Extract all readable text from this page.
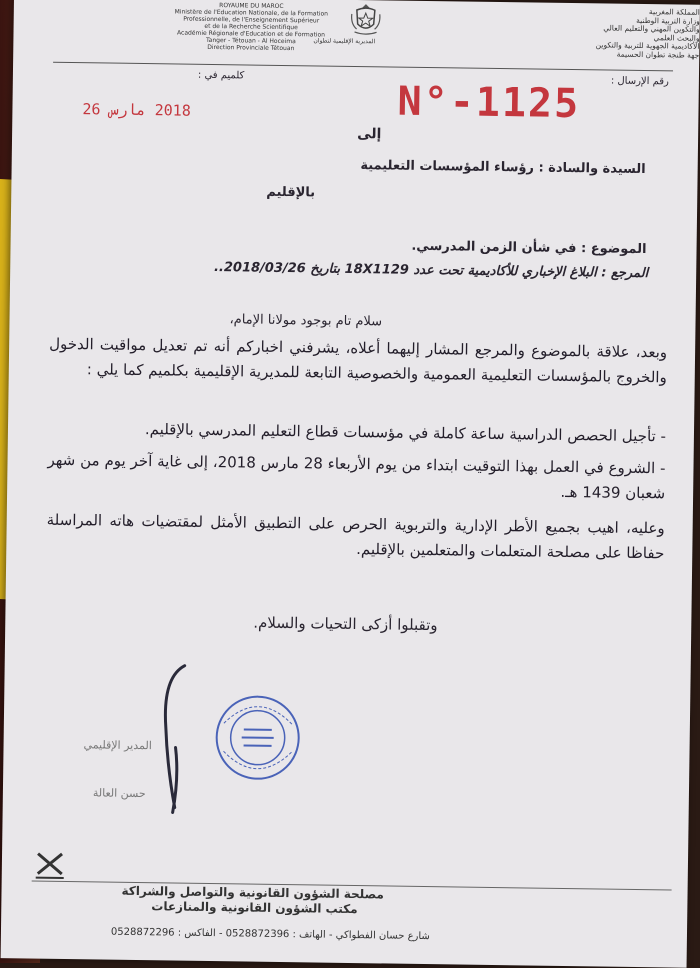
ROYAUME DU MAROC
Ministère de l'Education Nationale, de la Formation
Professionnelle, de l'Enseignement Supérieur
et de la Recherche Scientifique
Académie Régionale d'Education et de Formation
Tanger - Tétouan - Al Hoceima
Direction Provinciale Tétouan
المديرية الإقليمية لتطوان
المملكة المغربية
وزارة التربية الوطنية
والتكوين المهني والتعليم العالي
والبحث العلمي
الأكاديمية الجهوية للتربية والتكوين
جهة طنجة تطوان الحسيمة
رقم الإرسال :
كلميم في :
N°-1125
2018 مارس 26
إلى
السيدة والسادة : رؤساء المؤسسات التعليمية
بالإقليم
الموضوع : في شأن الزمن المدرسي.
المرجع : البلاغ الإخباري للأكاديمية تحت عدد 18X1129 بتاريخ 2018/03/26..
سلام تام بوجود مولانا الإمام،
وبعد، علاقة بالموضوع والمرجع المشار إليهما أعلاه، يشرفني اخباركم أنه تم تعديل مواقيت الدخول والخروج بالمؤسسات التعليمية العمومية والخصوصية التابعة للمديرية الإقليمية بكلميم كما يلي :
- تأجيل الحصص الدراسية ساعة كاملة في مؤسسات قطاع التعليم المدرسي بالإقليم.
- الشروع في العمل بهذا التوقيت ابتداء من يوم الأربعاء 28 مارس 2018، إلى غاية آخر يوم من شهر شعبان 1439 هـ.
وعليه، اهيب بجميع الأطر الإدارية والتربوية الحرص على التطبيق الأمثل لمقتضيات هاته المراسلة حفاظا على مصلحة المتعلمات والمتعلمين بالإقليم.
وتقبلوا أزكى التحيات والسلام.
المدير الإقليمي
حسن العالة
مصلحة الشؤون القانونية والتواصل والشراكة
مكتب الشؤون القانونية والمنازعات
شارع حسان الفطواكي - الهاتف : 0528872396 - الفاكس : 0528872296
